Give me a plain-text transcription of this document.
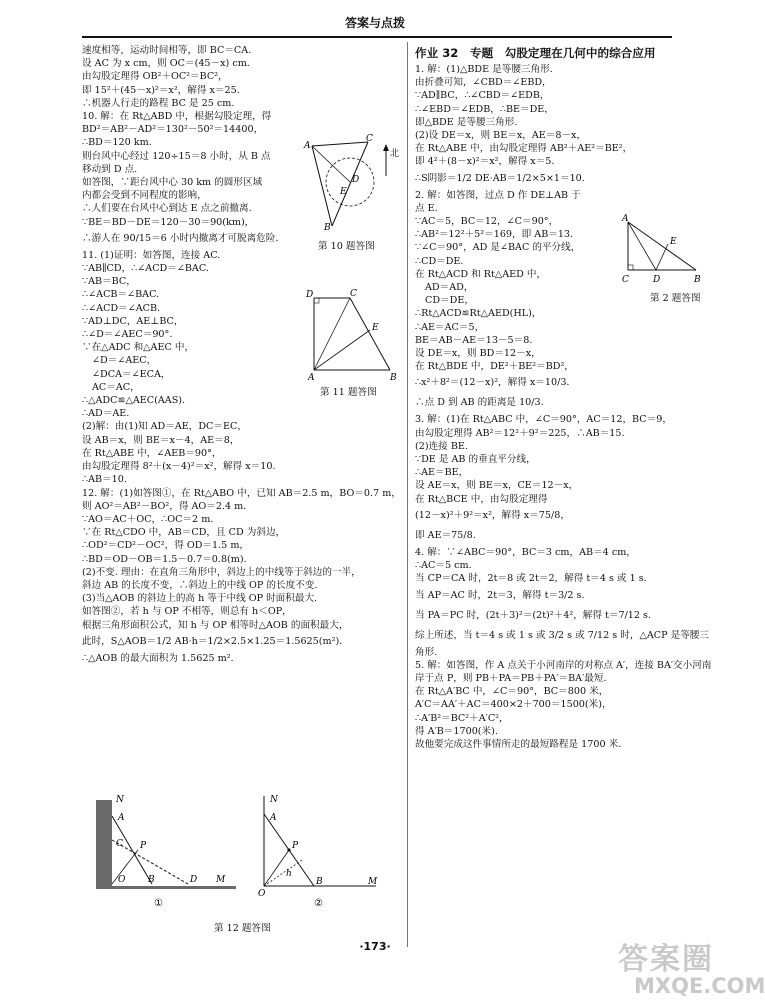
答案与点拨
速度相等，运动时间相等，即 BC＝CA.
设 AC 为 x cm，则 OC＝(45－x) cm.
由勾股定理得 OB²＋OC²＝BC²，
即 15²＋(45－x)²＝x²，解得 x＝25.
∴机器人行走的路程 BC 是 25 cm.
10. 解：在 Rt△ABD 中，根据勾股定理，得
BD²＝AB²－AD²＝130²－50²＝14400，
∴BD＝120 km.
则台风中心经过 120÷15＝8 小时，从 B 点
移动到 D 点.
如答图，∵距台风中心 30 km 的圆形区域
内都会受到不同程度的影响，
∴人们要在台风中心到达 E 点之前撤离.
∵BE＝BD－DE＝120－30＝90(km)，
∴游人在 90/15＝6 小时内撤离才可脱离危险.
11. (1)证明：如答图，连接 AC.
∵AB∥CD，∴∠ACD＝∠BAC.
∵AB＝BC，
∴∠ACB＝∠BAC.
∴∠ACD＝∠ACB.
∵AD⊥DC，AE⊥BC，
∴∠D＝∠AEC＝90°.
∵在△ADC 和△AEC 中，
∠D＝∠AEC，
∠DCA＝∠ECA，
AC＝AC，
∴△ADC≌△AEC(AAS).
∴AD＝AE.
(2)解：由(1)知 AD＝AE，DC＝EC，
设 AB＝x，则 BE＝x－4，AE＝8，
在 Rt△ABE 中，∠AEB＝90°，
由勾股定理得 8²＋(x－4)²＝x²，解得 x＝10.
∴AB＝10.
12. 解：(1)如答图①，在 Rt△ABO 中，已知 AB＝2.5 m，BO＝0.7 m，
则 AO²＝AB²－BO²，得 AO＝2.4 m.
∵AO＝AC＋OC，∴OC＝2 m.
∵在 Rt△CDO 中，AB＝CD，且 CD 为斜边，
∴OD²＝CD²－OC²，得 OD＝1.5 m，
∴BD＝OD－OB＝1.5－0.7＝0.8(m).
(2)不变. 理由：在直角三角形中，斜边上的中线等于斜边的一半，
斜边 AB 的长度不变，∴斜边上的中线 OP 的长度不变.
(3)当△AOB 的斜边上的高 h 等于中线 OP 时面积最大.
如答图②，若 h 与 OP 不相等，则总有 h＜OP，
根据三角形面积公式，知 h 与 OP 相等时△AOB 的面积最大，
此时，S△AOB＝1/2 AB·h＝1/2×2.5×1.25＝1.5625(m²).
∴△AOB 的最大面积为 1.5625 m².
A
B
C
D
E
北
第 10 题答图
D	C
E
A	B
第 11 题答图
N
A
C P
O	B	D M
①
N
A
P
h
O
B	M
②
第 12 题答图
作业 32　专题　勾股定理在几何中的综合应用
1. 解：(1)△BDE 是等腰三角形.
由折叠可知，∠CBD＝∠EBD，
∵AD∥BC，∴∠CBD＝∠EDB，
∴∠EBD＝∠EDB，∴BE＝DE，
即△BDE 是等腰三角形.
(2)设 DE＝x，则 BE＝x，AE＝8－x，
在 Rt△ABE 中，由勾股定理得 AB²＋AE²＝BE²，
即 4²＋(8－x)²＝x²，解得 x＝5.
∴S阴影＝1/2 DE·AB＝1/2×5×1＝10.
2. 解：如答图，过点 D 作 DE⊥AB 于
点 E.
∵AC＝5，BC＝12，∠C＝90°，
∴AB²＝12²＋5²＝169，即 AB＝13.
∵∠C＝90°，AD 是∠BAC 的平分线，
∴CD＝DE.
在 Rt△ACD 和 Rt△AED 中，
AD＝AD，
CD＝DE，
∴Rt△ACD≌Rt△AED(HL)，
∴AE＝AC＝5，
BE＝AB－AE＝13－5＝8.
设 DE＝x，则 BD＝12－x，
在 Rt△BDE 中，DE²＋BE²＝BD²，
∴x²＋8²＝(12－x)²，解得 x＝10/3.
∴点 D 到 AB 的距离是 10/3.
3. 解：(1)在 Rt△ABC 中，∠C＝90°，AC＝12，BC＝9，
由勾股定理得 AB²＝12²＋9²＝225，∴AB＝15.
(2)连接 BE.
∵DE 是 AB 的垂直平分线，
∴AE＝BE，
设 AE＝x，则 BE＝x，CE＝12－x，
在 Rt△BCE 中，由勾股定理得
(12－x)²＋9²＝x²，解得 x＝75/8，
即 AE＝75/8.
4. 解：∵∠ABC＝90°，BC＝3 cm，AB＝4 cm，
∴AC＝5 cm.
当 CP＝CA 时，2t＝8 或 2t＝2，解得 t＝4 s 或 1 s.
当 AP＝AC 时，2t＝3，解得 t＝3/2 s.
当 PA＝PC 时，(2t＋3)²＝(2t)²＋4²，解得 t＝7/12 s.
综上所述，当 t＝4 s 或 1 s 或 3/2 s 或 7/12 s 时，△ACP 是等腰三
角形.
5. 解：如答图，作 A 点关于小河南岸的对称点 A′，连接 BA′交小河南
岸于点 P，则 PB＋PA＝PB＋PA′＝BA′最短.
在 Rt△A′BC 中，∠C＝90°，BC＝800 米，
A′C＝AA′＋AC＝400×2＋700＝1500(米)，
∴A′B²＝BC²＋A′C²，
得 A′B＝1700(米).
故他要完成这件事情所走的最短路程是 1700 米.
A
E
C	D	B
第 2 题答图
·173·	答案圈
MXQE.COM
